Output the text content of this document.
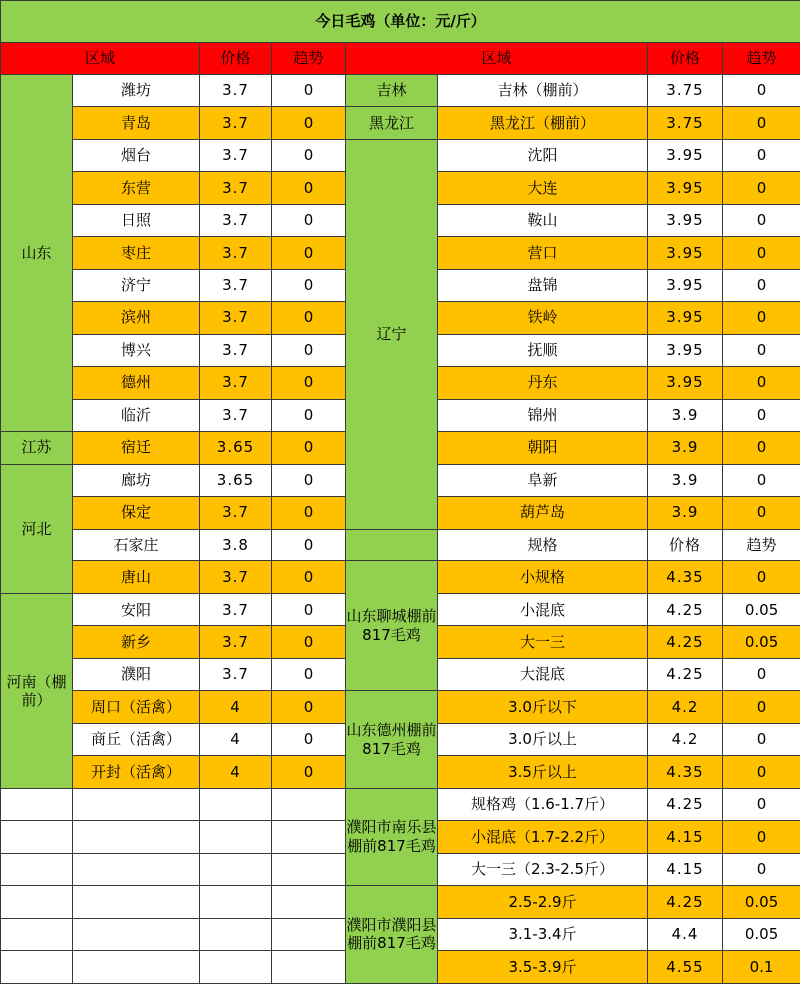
今日毛鸡（单位：元/斤）							
区域		价格	趋势	区域		价格	趋势
山东	潍坊	3.7	0	吉林	吉林（棚前）	3.75	0
	青岛	3.7	0	黑龙江	黑龙江（棚前）	3.75	0
	烟台	3.7	0	辽宁	沈阳	3.95	0
	东营	3.7	0		大连	3.95	0
	日照	3.7	0		鞍山	3.95	0
	枣庄	3.7	0		营口	3.95	0
	济宁	3.7	0		盘锦	3.95	0
	滨州	3.7	0		铁岭	3.95	0
	博兴	3.7	0		抚顺	3.95	0
	德州	3.7	0		丹东	3.95	0
	临沂	3.7	0		锦州	3.9	0
江苏	宿迁	3.65	0		朝阳	3.9	0
河北	廊坊	3.65	0		阜新	3.9	0
	保定	3.7	0		葫芦岛	3.9	0
	石家庄	3.8	0		规格	价格	趋势
	唐山	3.7	0	山东聊城棚前817毛鸡	小规格	4.35	0
河南（棚前）	安阳	3.7	0		小混底	4.25	0.05
	新乡	3.7	0		大一三	4.25	0.05
	濮阳	3.7	0		大混底	4.25	0
	周口（活禽）	4	0	山东德州棚前817毛鸡	3.0斤以下	4.2	0
	商丘（活禽）	4	0		3.0斤以上	4.2	0
	开封（活禽）	4	0		3.5斤以上	4.35	0
				濮阳市南乐县棚前817毛鸡	规格鸡（1.6-1.7斤）	4.25	0
					小混底（1.7-2.2斤）	4.15	0
					大一三（2.3-2.5斤）	4.15	0
				濮阳市濮阳县棚前817毛鸡	2.5-2.9斤	4.25	0.05
					3.1-3.4斤	4.4	0.05
					3.5-3.9斤	4.55	0.1
